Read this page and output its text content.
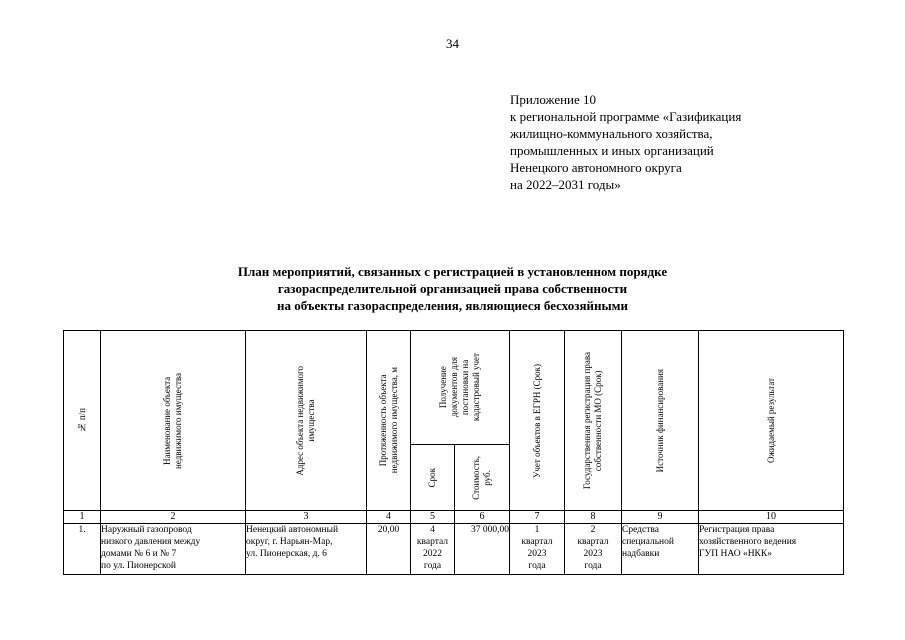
34
Приложение 10
к региональной программе «Газификация
жилищно-коммунального хозяйства,
промышленных и иных организаций
Ненецкого автономного округа
на 2022–2031 годы»
План мероприятий, связанных с регистрацией в установленном порядке
газораспределительной организацией права собственности
на объекты газораспределения, являющиеся бесхозяйными
№ п/п	Наименование объекта
недвижимого имущества	Адрес объекта недвижимого
имущества	Протяженность объекта
недвижимого имущества, м	Получение
документов для
постановки на
кадастровый учет		Учет объектов в ЕГРН (Срок)	Государственная регистрация права
собственности МО (Срок)	Источник финансирования	Ожидаемый результат

				Срок	Стоимость,
руб.				

1	2	3	4	5	6	7	8	9	10
1.	Наружный газопровод
низкого давления между
домами № 6 и № 7
по ул. Пионерской	Ненецкий автономный
округ, г. Нарьян-Мар,
ул. Пионерская, д. 6	20,00	4
квартал
2022
года	37 000,00	1
квартал
2023
года	2
квартал
2023
года	Средства
специальной
надбавки	Регистрация права
хозяйственного ведения
ГУП НАО «НКК»
